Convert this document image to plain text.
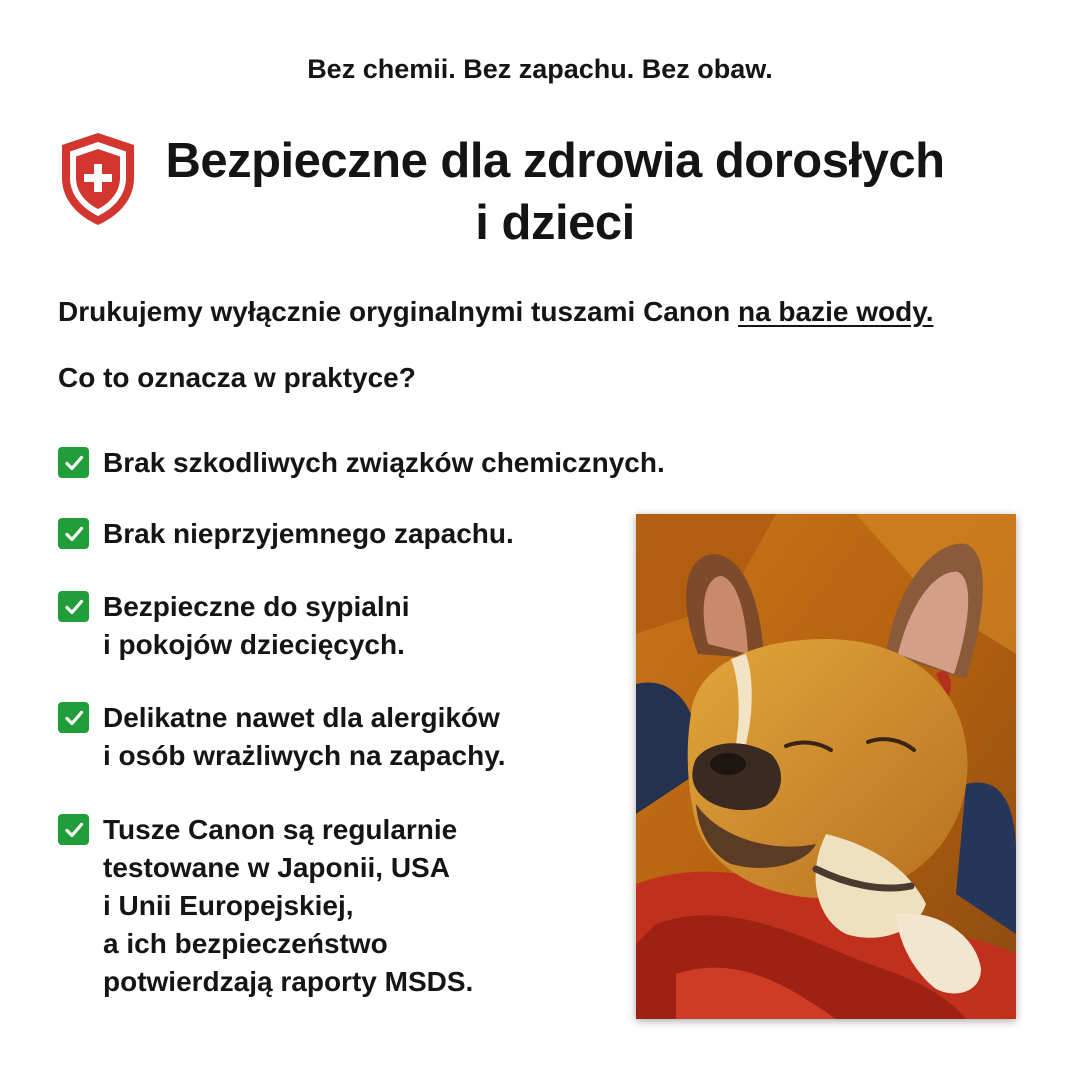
Bez chemii. Bez zapachu. Bez obaw.
Bezpieczne dla zdrowia dorosłych
i dzieci
Drukujemy wyłącznie oryginalnymi tuszami Canon na bazie wody.
Co to oznacza w praktyce?
Brak szkodliwych związków chemicznych.
Brak nieprzyjemnego zapachu.
Bezpieczne do sypialni
i pokojów dziecięcych.
Delikatne nawet dla alergików
i osób wrażliwych na zapachy.
Tusze Canon są regularnie
testowane w Japonii, USA
i Unii Europejskiej,
a ich bezpieczeństwo
potwierdzają raporty MSDS.
